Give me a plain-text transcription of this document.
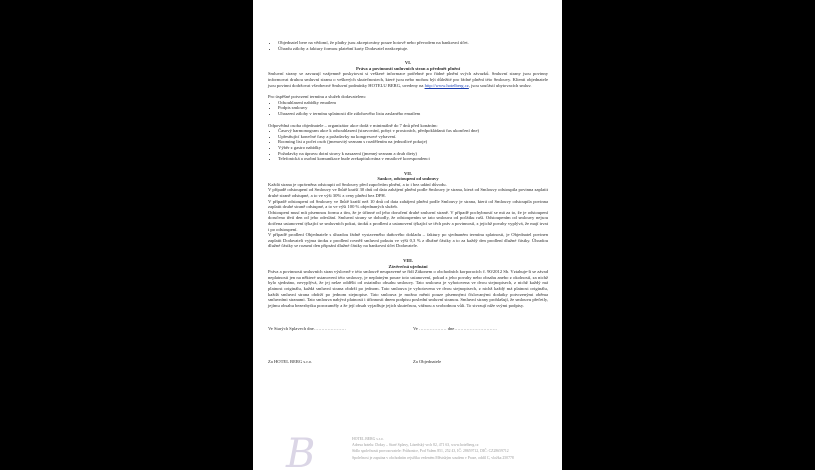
• Objednatel bere na vědomí, že platby jsou akceptovány pouze hotově nebo převodem na bankovní účet.
• Úhradu zálohy a faktury formou platební karty Dodavatel neakceptuje.
VI.
Práva a povinnosti smluvních stran a předmět plnění

Smluvní strany se zavazují vzájemně poskytovat si veškeré informace potřebné pro řádné plnění svých závazků. Smluvní strany jsou povinny informovat druhou smluvní stranu o veškerých skutečnostech, které jsou nebo mohou být důležité pro řádné plnění této Smlouvy. Klienti objednatele jsou povinni dodržovat všeobecné Smluvní podmínky HOTELU BERG, uvedeny na http://www.hotelberg.cz, jsou součástí ubytovacích smluv.

Pro úspěšné potvrzení termínu a služeb dodavatelem:

• Odsouhlasení nabídky emailem
• Podpis smlouvy
• Uhrazení zálohy v termínu splatnosti dle zálohového listu zaslaného emailem

Odpovědná osoba objednatele – organizátor akce dodá v minimálně do 7 dnů před konáním:

• Časový harmonogram akce k odsouhlasení (stravování, pobyt v prostorách, předpokládaná čas ukončení dne)
• Upřesňující konečné časy a požadavky na kongresové vybavení.
• Rooming list a počet osob (jmenovitý seznam s rozdělením na jednotlivé pokoje)
• Výběr z gastro nabídky
• Požadavky na úpravu dotní stravy k nasazení (jmenný seznam a druh diety)
• Telefonická a osobní komunikace bude zrekapitulována v emailové korespondenci
VII.
Sankce, odstoupení od smlouvy

Každá strana je oprávněna odstoupit od Smlouvy před započetím plnění, a to i bez udání důvodu.

V případě odstoupení od Smlouvy ve lhůtě kratší 30 dnů od data zahájení plnění podle Smlouvy je strana, která od Smlouvy odstoupila povinna zaplatit druhé straně odstupné, a to ve výši 30% z ceny plnění bez DPH.

V případě odstoupení od Smlouvy ve lhůtě kratší než 10 dnů od data zahájení plnění podle Smlouvy je strana, která od Smlouvy odstoupila povinna zaplatit druhé straně odstupné, a to ve výši 100 % objednaných služeb.

Odstoupení musí mít písemnou formu a tím, že je účinné od jeho doručení druhé smluvní straně. V případě pochybností se má za to, že je odstoupení doručeno třetí den od jeho odeslání. Smluvní strany se dohodly, že odstoupením se tato smlouva od počátku ruší. Odstoupením od smlouvy nejsou dotčena ustanovení týkající se smluvních pokut, úroků z prodlení a ustanovení týkající se těch práv a povinností, z jejichž povahy vyplývá, že mají trvat i po odstoupení.

V případě prodlení Objednatele s úhradou řádně vystaveného daňového dokladu – faktury po sjednaném termínu splatnosti, je Objednatel povinen zaplatit Dodavateli vyjma úroku z prodlení rovněž smluvní pokutu ve výši 0,3 % z dlužné částky a to za každý den prodlení dlužné částky. Úhradou dlužné částky se rozumí den připsání dlužné částky na bankovní účet Dodavatele.

VIII.
Závěrečná ujednání

Práva a povinnosti smluvních stran výslovně v této smlouvě neupravené se řídí Zákonem o obchodních korporacích č. 90/2012 Sb. Vztahuje-li se závad neplatnosti jen na některé ustanovení této smlouvy, je neplatným pouze toto ustanovení, pokud z jeho povahy nebo obsahu anebo z okolností, za nichž bylo sjednáno, nevyplývá, že jej nelze oddělit od ostatního obsahu smlouvy. Tato smlouva je vyhotovena ve dvou stejnopisech, z nichž každý má platnost originálu, každá smluvní strana obdrží po jednom. Tato smlouva je vyhotovena ve dvou stejnopisech, z nichž každý má platnost originálu, každá smluvní strana obdrží po jednom stejnopise. Tato smlouva je možno měnit pouze písemnými číslovanými dodatky potvrzenými oběma smluvními stranami. Tato smlouva nabývá platnosti i účinnosti dnem podpisu poslední smluvní stranou. Smluvní strany prohlašují, že smlouvu přečetly, jejímu obsahu bezezbytku porozuměly a že její obsah vyjadřuje jejich skutečnou, vážnou a svobodnou vůli. To stvrzují níže svými podpisy.

Ve Starých Splavech dne…………………	Ve ……………… dne……………………….
Za HOTEL BERG s.r.o.	Za Objednatele
B	HOTEL BERG s.r.o.
Adresa hotelu: Doksy – Staré Splavy, Lázeňský vrch 82, 471 63, www.hotelberg.cz
Sídlo společnosti provozovatele: Průhonice, Pod Valem 851, 252 43, IČ: 28659712, DIČ: CZ28659712
Společnost je zapsána v obchodním rejstříku vedeném Městským soudem v Praze, oddíl C, vložka 250778
